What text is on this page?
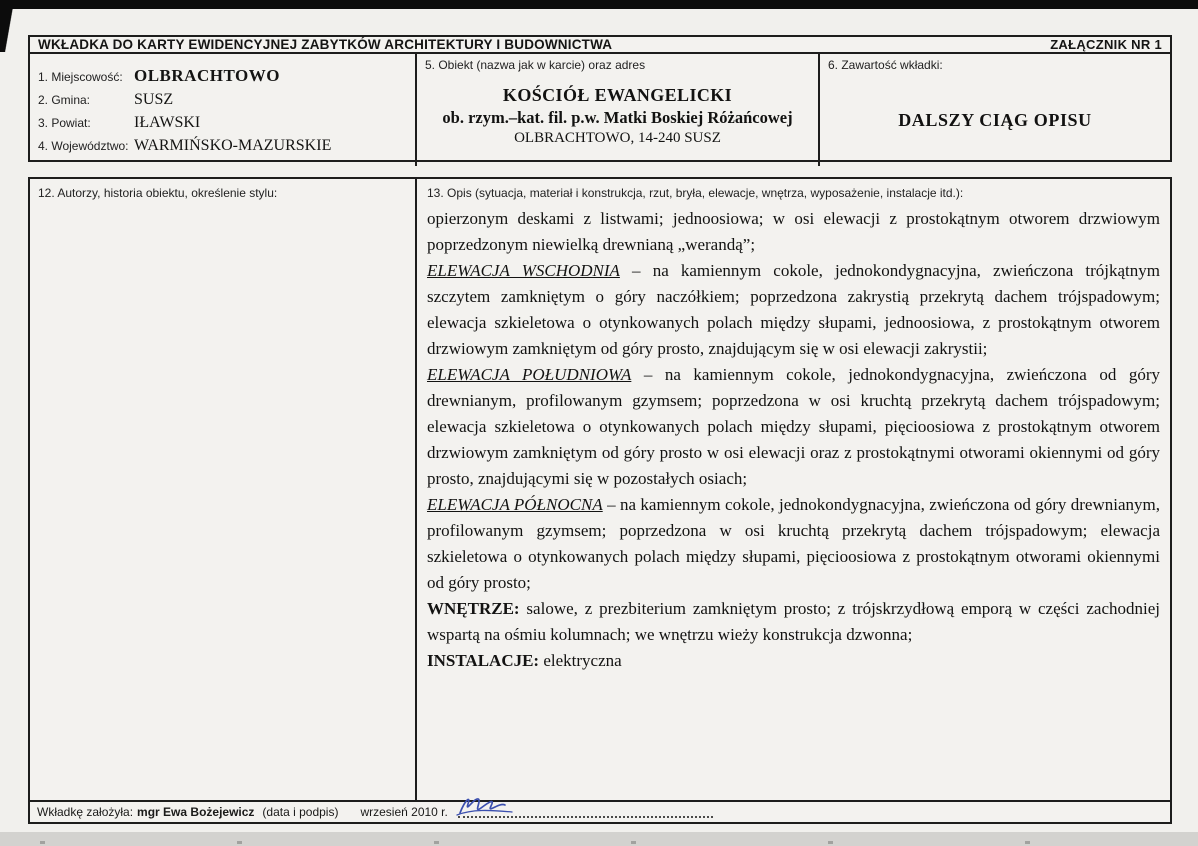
WKŁADKA DO KARTY EWIDENCYJNEJ ZABYTKÓW ARCHITEKTURY I BUDOWNICTWA	ZAŁĄCZNIK NR 1
1. Miejscowość: OLBRACHTOWO
2. Gmina:	SUSZ
3. Powiat:	IŁAWSKI
4. Województwo: WARMIŃSKO-MAZURSKIE
5. Obiekt (nazwa jak w karcie) oraz adres
KOŚCIÓŁ EWANGELICKI
ob. rzym.–kat. fil. p.w. Matki Boskiej Różańcowej
OLBRACHTOWO, 14-240 SUSZ
6. Zawartość wkładki:
DALSZY CIĄG OPISU
12. Autorzy, historia obiektu, określenie stylu:	13. Opis (sytuacja, materiał i konstrukcja, rzut, bryła, elewacje, wnętrza, wyposażenie, instalacje itd.):

opierzonym deskami z listwami; jednoosiowa; w osi elewacji z prostokątnym otworem drzwiowym poprzedzonym niewielką drewnianą „werandą”;

ELEWACJA WSCHODNIA – na kamiennym cokole, jednokondygnacyjna, zwieńczona trójkątnym szczytem zamkniętym o góry naczółkiem; poprzedzona zakrystią przekrytą dachem trójspadowym; elewacja szkieletowa o otynkowanych polach między słupami, jednoosiowa, z prostokątnym otworem drzwiowym zamkniętym od góry prosto, znajdującym się w osi elewacji zakrystii;

ELEWACJA POŁUDNIOWA – na kamiennym cokole, jednokondygnacyjna, zwieńczona od góry drewnianym, profilowanym gzymsem; poprzedzona w osi kruchtą przekrytą dachem trójspadowym; elewacja szkieletowa o otynkowanych polach między słupami, pięcioosiowa z prostokątnym otworem drzwiowym zamkniętym od góry prosto w osi elewacji oraz z prostokątnymi otworami okiennymi od góry prosto, znajdującymi się w pozostałych osiach;

ELEWACJA PÓŁNOCNA – na kamiennym cokole, jednokondygnacyjna, zwieńczona od góry drewnianym, profilowanym gzymsem; poprzedzona w osi kruchtą przekrytą dachem trójspadowym; elewacja szkieletowa o otynkowanych polach między słupami, pięcioosiowa z prostokątnym otworami okiennymi od góry prosto;

WNĘTRZE: salowe, z prezbiterium zamkniętym prosto; z trójskrzydłową emporą w części zachodniej wspartą na ośmiu kolumnach; we wnętrzu wieży konstrukcja dzwonna;

INSTALACJE: elektryczna

Wkładkę założyła: mgr Ewa Bożejewicz (data i podpis) wrzesień 2010 r.
